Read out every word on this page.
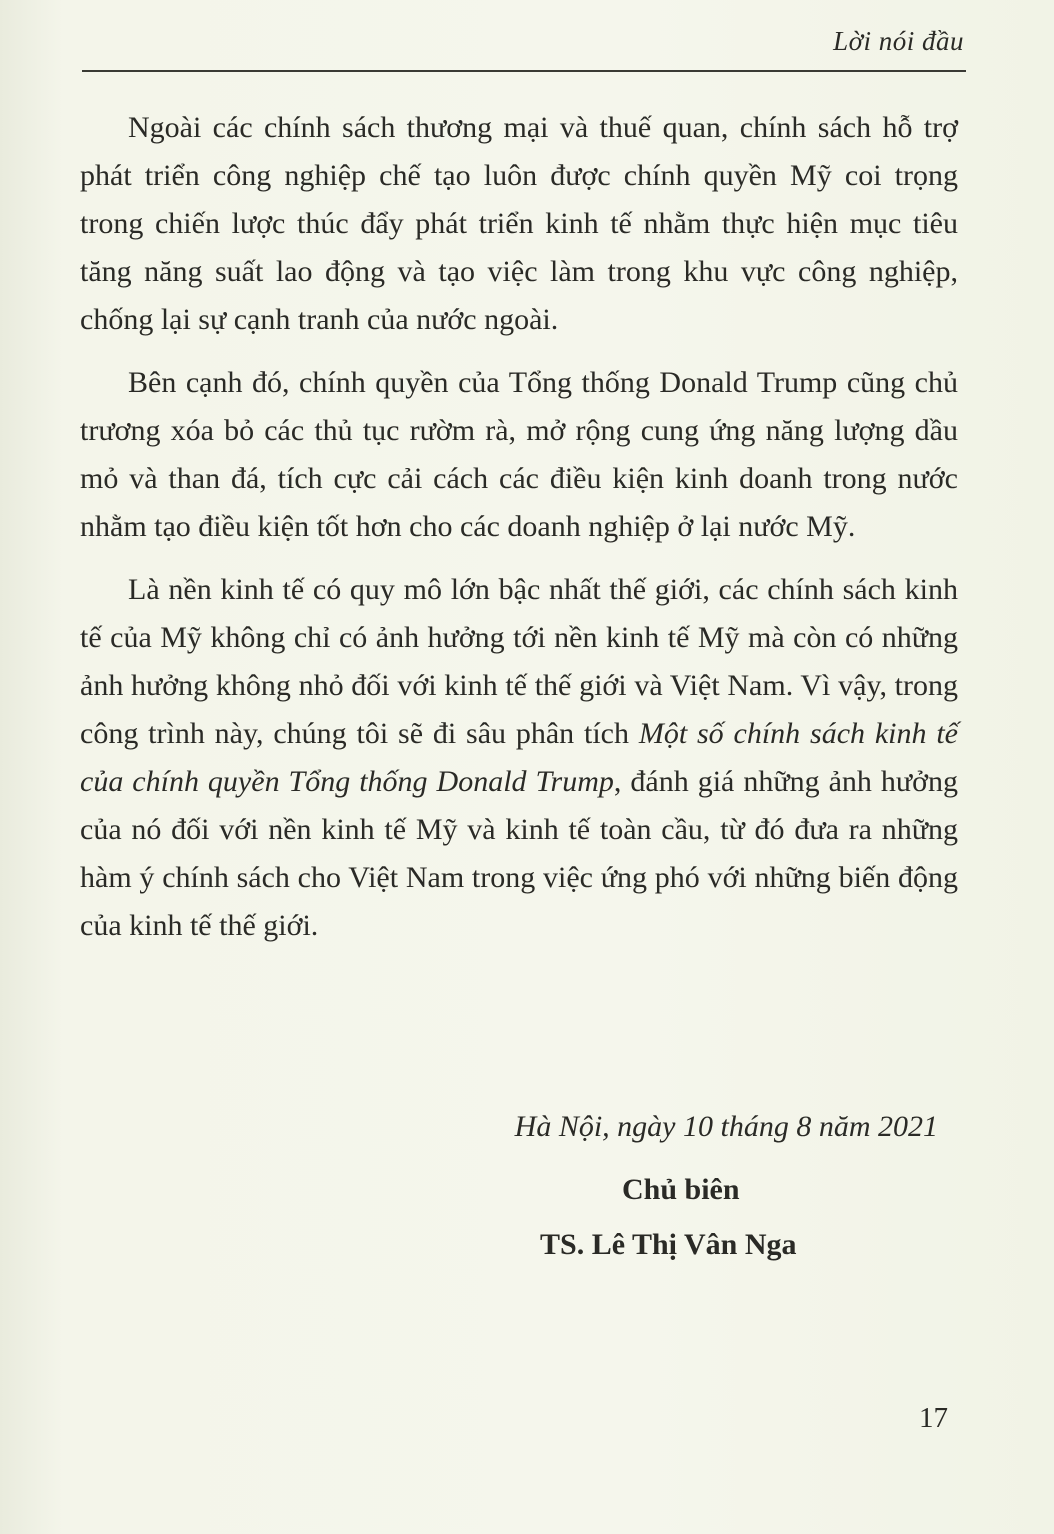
Lời nói đầu

Ngoài các chính sách thương mại và thuế quan, chính sách hỗ trợ phát triển công nghiệp chế tạo luôn được chính quyền Mỹ coi trọng trong chiến lược thúc đẩy phát triển kinh tế nhằm thực hiện mục tiêu tăng năng suất lao động và tạo việc làm trong khu vực công nghiệp, chống lại sự cạnh tranh của nước ngoài.

Bên cạnh đó, chính quyền của Tổng thống Donald Trump cũng chủ trương xóa bỏ các thủ tục rườm rà, mở rộng cung ứng năng lượng dầu mỏ và than đá, tích cực cải cách các điều kiện kinh doanh trong nước nhằm tạo điều kiện tốt hơn cho các doanh nghiệp ở lại nước Mỹ.

Là nền kinh tế có quy mô lớn bậc nhất thế giới, các chính sách kinh tế của Mỹ không chỉ có ảnh hưởng tới nền kinh tế Mỹ mà còn có những ảnh hưởng không nhỏ đối với kinh tế thế giới và Việt Nam. Vì vậy, trong công trình này, chúng tôi sẽ đi sâu phân tích Một số chính sách kinh tế của chính quyền Tổng thống Donald Trump, đánh giá những ảnh hưởng của nó đối với nền kinh tế Mỹ và kinh tế toàn cầu, từ đó đưa ra những hàm ý chính sách cho Việt Nam trong việc ứng phó với những biến động của kinh tế thế giới.

Hà Nội, ngày 10 tháng 8 năm 2021
Chủ biên
TS. Lê Thị Vân Nga
17
